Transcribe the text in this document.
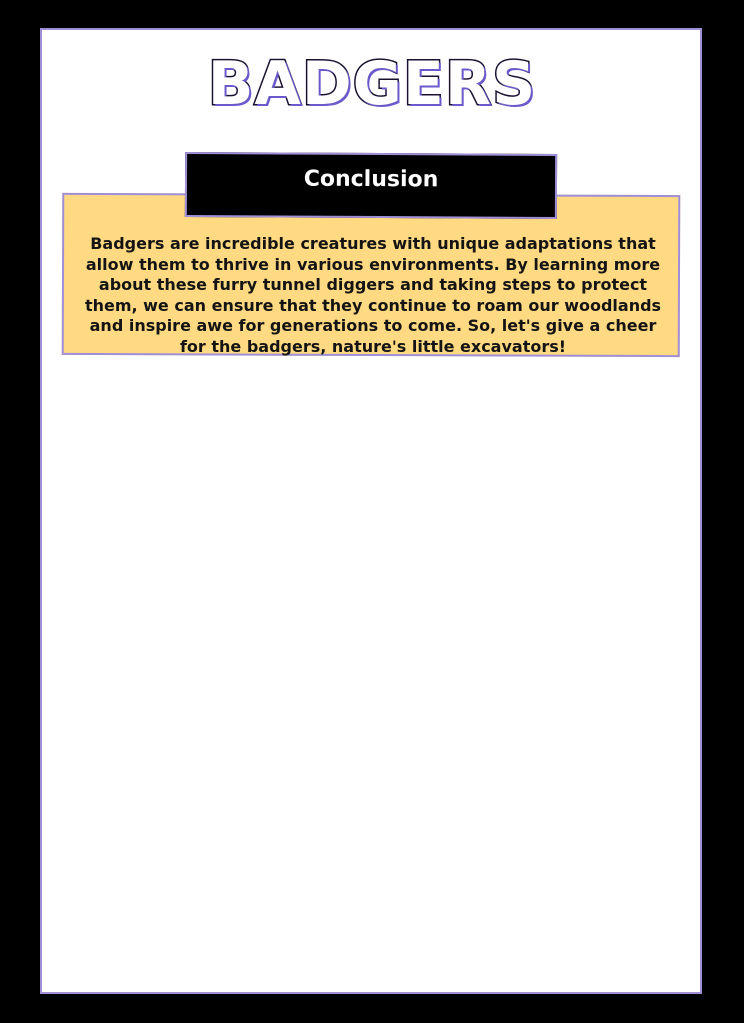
BADGERS

Conclusion

Badgers are incredible creatures with unique adaptations that allow them to thrive in various environments. By learning more about these furry tunnel diggers and taking steps to protect them, we can ensure that they continue to roam our woodlands and inspire awe for generations to come. So, let's give a cheer for the badgers, nature's little excavators!
